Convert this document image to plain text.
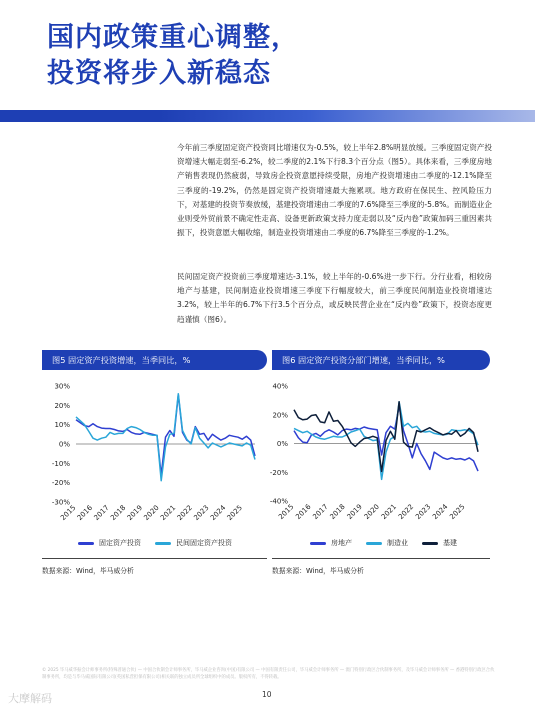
国内政策重心调整，
投资将步入新稳态

今年前三季度固定资产投资同比增速仅为-0.5%，较上半年2.8%明显放缓。三季度固定资产投资增速大幅走弱至-6.2%，较二季度的2.1%下行8.3个百分点（图5）。具体来看，三季度房地产销售表现仍然疲弱，导致房企投资意愿持续受限，房地产投资增速由二季度的-12.1%降至三季度的-19.2%，仍然是固定资产投资增速最大拖累项。地方政府在保民生、控风险压力下，对基建的投资节奏放缓，基建投资增速由二季度的7.6%降至三季度的-5.8%。而制造业企业则受外贸前景不确定性走高、设备更新政策支持力度走弱以及“反内卷”政策加码三重因素共振下，投资意愿大幅收缩，制造业投资增速由二季度的6.7%降至三季度的-1.2%。

民间固定资产投资前三季度增速达-3.1%，较上半年的-0.6%进一步下行。分行业看，相较房地产与基建，民间制造业投资增速三季度下行幅度较大，前三季度民间制造业投资增速达3.2%，较上半年的6.7%下行3.5个百分点，或反映民营企业在“反内卷”政策下，投资态度更趋谨慎（图6）。

图5 固定资产投资增速，当季同比，%	图6 固定资产投资分部门增速，当季同比，%
30%
20%
10%
0%
-10%
-20%
-30%
2015
2016
2017
2018
2019
2020
2021
2022
2023
2024
2025
40%
20%
0%
-20%
-40%
2015
2016
2017
2018
2019
2020
2021
2022
2023
2024
2025
固定资产投资	民间固定资产投资	房地产	制造业	基建
数据来源：Wind，毕马威分析	数据来源：Wind，毕马威分析
© 2025 毕马威华振会计师事务所(特殊普通合伙) — 中国合伙制会计师事务所，毕马威企业咨询(中国)有限公司 — 中国有限责任公司，毕马威会计师事务所 — 澳门特别行政区合伙制事务所，及毕马威会计师事务所 — 香港特别行政区合伙制事务所，均是与毕马威国际有限公司(英国私营担保有限公司)相关联的独立成员所全球组织中的成员。版权所有，不得转载。
10
大摩解码
